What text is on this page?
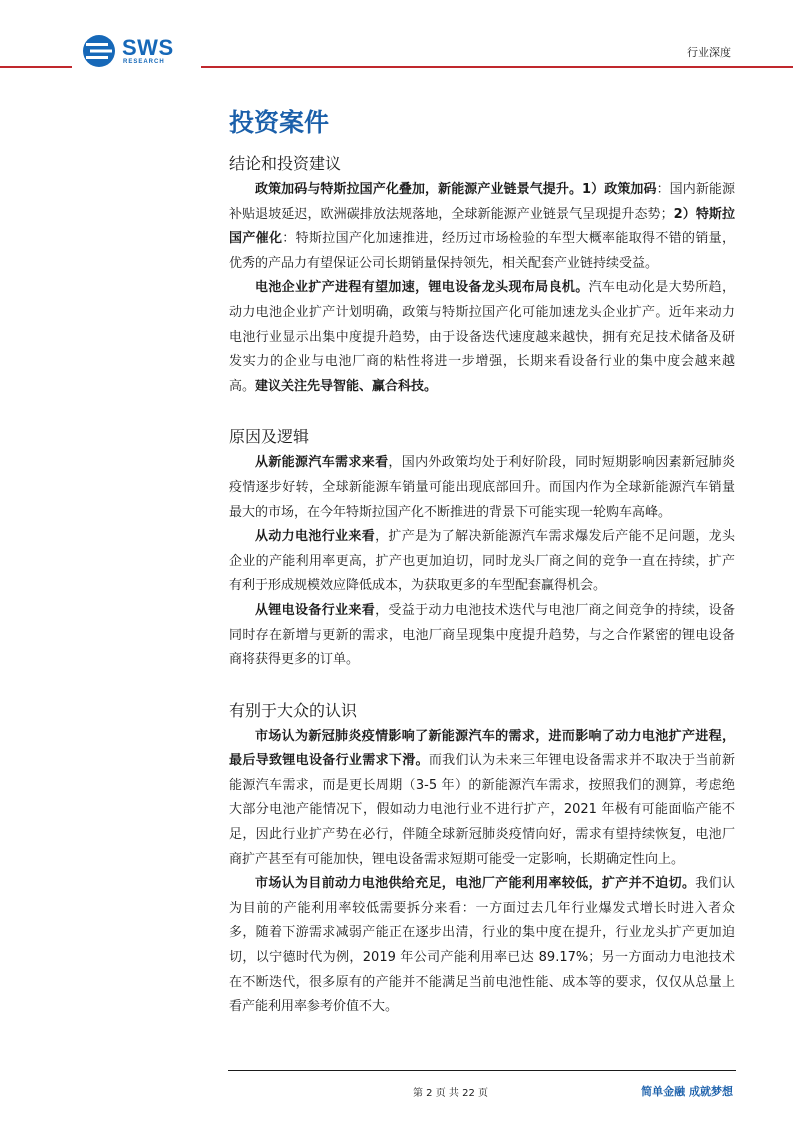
SWS
RESEARCH
行业深度
投资案件
结论和投资建议

政策加码与特斯拉国产化叠加，新能源产业链景气提升。1）政策加码：国内新能源补贴退坡延迟，欧洲碳排放法规落地，全球新能源产业链景气呈现提升态势；2）特斯拉国产催化：特斯拉国产化加速推进，经历过市场检验的车型大概率能取得不错的销量，优秀的产品力有望保证公司长期销量保持领先，相关配套产业链持续受益。

电池企业扩产进程有望加速，锂电设备龙头现布局良机。汽车电动化是大势所趋，动力电池企业扩产计划明确，政策与特斯拉国产化可能加速龙头企业扩产。近年来动力电池行业显示出集中度提升趋势，由于设备迭代速度越来越快，拥有充足技术储备及研发实力的企业与电池厂商的粘性将进一步增强，长期来看设备行业的集中度会越来越高。建议关注先导智能、赢合科技。

原因及逻辑

从新能源汽车需求来看，国内外政策均处于利好阶段，同时短期影响因素新冠肺炎疫情逐步好转，全球新能源车销量可能出现底部回升。而国内作为全球新能源汽车销量最大的市场，在今年特斯拉国产化不断推进的背景下可能实现一轮购车高峰。

从动力电池行业来看，扩产是为了解决新能源汽车需求爆发后产能不足问题，龙头企业的产能利用率更高，扩产也更加迫切，同时龙头厂商之间的竞争一直在持续，扩产有利于形成规模效应降低成本，为获取更多的车型配套赢得机会。

从锂电设备行业来看，受益于动力电池技术迭代与电池厂商之间竞争的持续，设备同时存在新增与更新的需求，电池厂商呈现集中度提升趋势，与之合作紧密的锂电设备商将获得更多的订单。

有别于大众的认识

市场认为新冠肺炎疫情影响了新能源汽车的需求，进而影响了动力电池扩产进程，最后导致锂电设备行业需求下滑。而我们认为未来三年锂电设备需求并不取决于当前新能源汽车需求，而是更长周期（3-5 年）的新能源汽车需求，按照我们的测算，考虑绝大部分电池产能情况下，假如动力电池行业不进行扩产，2021 年极有可能面临产能不足，因此行业扩产势在必行，伴随全球新冠肺炎疫情向好，需求有望持续恢复，电池厂商扩产甚至有可能加快，锂电设备需求短期可能受一定影响，长期确定性向上。

市场认为目前动力电池供给充足，电池厂产能利用率较低，扩产并不迫切。我们认为目前的产能利用率较低需要拆分来看：一方面过去几年行业爆发式增长时进入者众多，随着下游需求减弱产能正在逐步出清，行业的集中度在提升，行业龙头扩产更加迫切，以宁德时代为例，2019 年公司产能利用率已达 89.17%；另一方面动力电池技术在不断迭代，很多原有的产能并不能满足当前电池性能、成本等的要求，仅仅从总量上看产能利用率参考价值不大。

第 2 页 共 22 页	简单金融 成就梦想
